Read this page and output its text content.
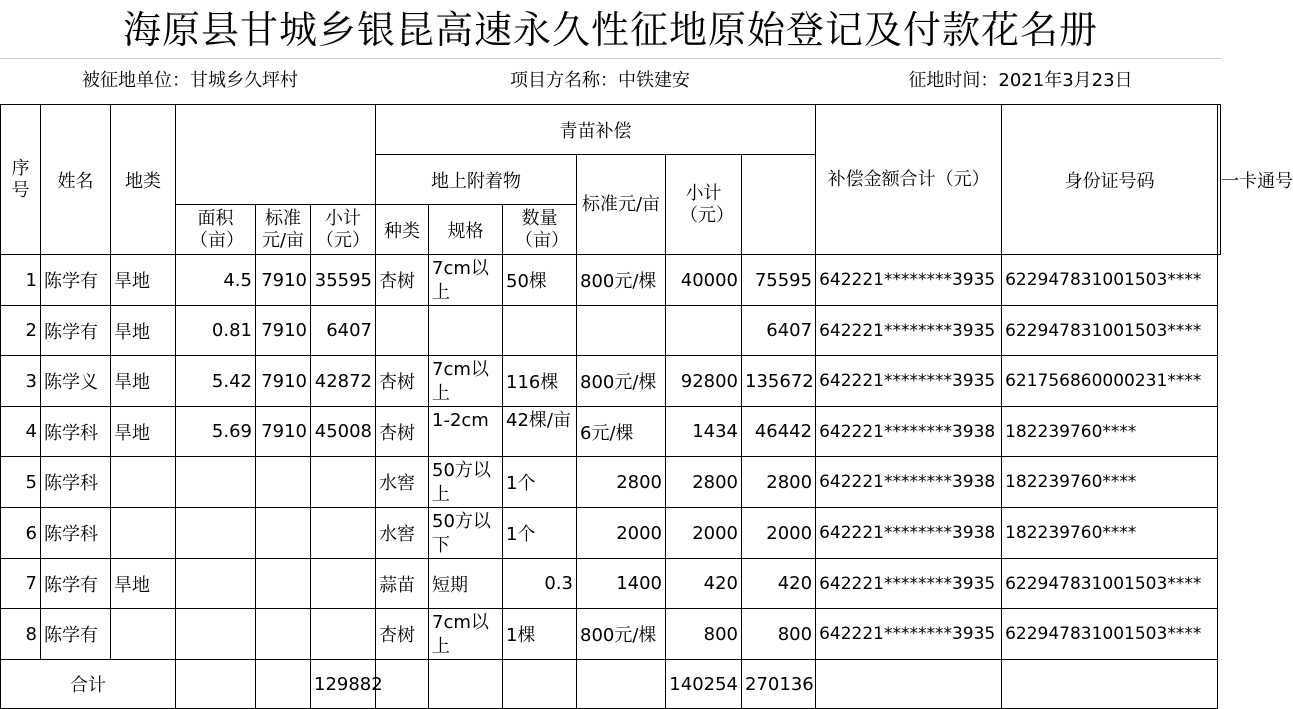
海原县甘城乡银昆高速永久性征地原始登记及付款花名册
被征地单位：甘城乡久坪村	项目方名称：中铁建安	征地时间：2021年3月23日
序号	姓名	地类				青苗补偿						补偿金额合计（元）	身份证号码	一卡通号
						地上附着物			标准元/亩	小计（元）				
			面积（亩）	标准元/亩	小计（元）	种类	规格	数量（亩）						
1	陈学有	旱地	4.5	7910	35595	杏树	7cm以上	50棵	800元/棵	40000	75595	642221********3935	622947831001503****	
2	陈学有	旱地	0.81	7910	6407						6407	642221********3935	622947831001503****	
3	陈学义	旱地	5.42	7910	42872	杏树	7cm以上	116棵	800元/棵	92800	135672	642221********3935	621756860000231****	
4	陈学科	旱地	5.69	7910	45008	杏树	1-2cm	42棵/亩	6元/棵	1434	46442	642221********3938	182239760****	
5	陈学科					水窖	50方以上	1个	2800	2800	2800	642221********3938	182239760****	
6	陈学科					水窖	50方以下	1个	2000	2000	2000	642221********3938	182239760****	
7	陈学有	旱地				蒜苗	短期	0.3	1400	420	420	642221********3935	622947831001503****	
8	陈学有					杏树	7cm以上	1棵	800元/棵	800	800	642221********3935	622947831001503****	
合计					129882					140254	270136			
